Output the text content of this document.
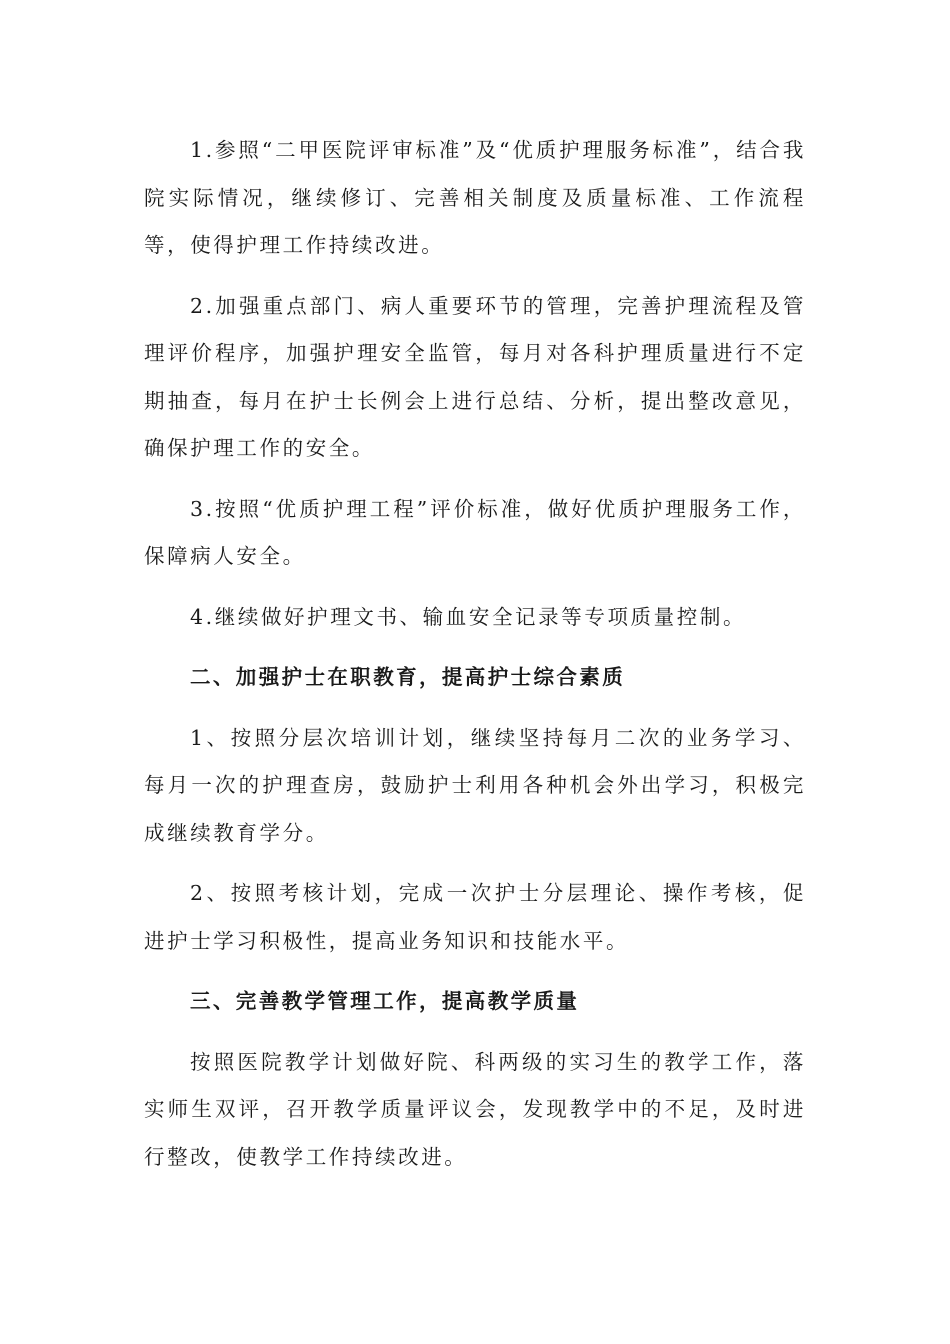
1.参照“二甲医院评审标准”及“优质护理服务标准”，结合我院实际情况，继续修订、完善相关制度及质量标准、工作流程等，使得护理工作持续改进。

2.加强重点部门、病人重要环节的管理，完善护理流程及管理评价程序，加强护理安全监管，每月对各科护理质量进行不定期抽查，每月在护士长例会上进行总结、分析，提出整改意见，确保护理工作的安全。

3.按照“优质护理工程”评价标准，做好优质护理服务工作，保障病人安全。

4.继续做好护理文书、输血安全记录等专项质量控制。

二、加强护士在职教育，提高护士综合素质

1、按照分层次培训计划，继续坚持每月二次的业务学习、每月一次的护理查房，鼓励护士利用各种机会外出学习，积极完成继续教育学分。

2、按照考核计划，完成一次护士分层理论、操作考核，促进护士学习积极性，提高业务知识和技能水平。

三、完善教学管理工作，提高教学质量

按照医院教学计划做好院、科两级的实习生的教学工作，落实师生双评，召开教学质量评议会，发现教学中的不足，及时进行整改，使教学工作持续改进。
